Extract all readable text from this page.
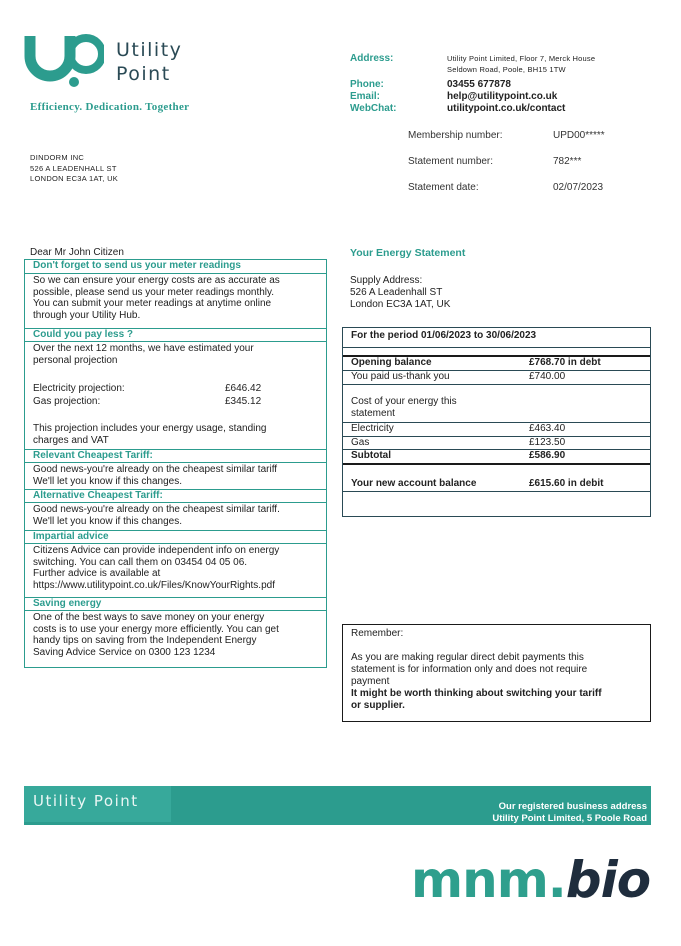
Utility
Point
Efficiency. Dedication. Together
Address:	Utility Point Limited, Floor 7, Merck House
Seldown Road, Poole, BH15 1TW
Phone:	03455 677878
Email:	help@utilitypoint.co.uk
WebChat:	utilitypoint.co.uk/contact
Membership number:	UPD00*****
Statement number:	782***
Statement date:	02/07/2023
DINDORM INC
526 A LEADENHALL ST
LONDON EC3A 1AT, UK
Dear Mr John Citizen
Don't forget to send us your meter readings
So we can ensure your energy costs are as accurate as
possible, please send us your meter readings monthly.
You can submit your meter readings at anytime online
through your Utility Hub.
Could you pay less ?
Over the next 12 months, we have estimated your
personal projection
Electricity projection:	£646.42
Gas projection:	£345.12
This projection includes your energy usage, standing
charges and VAT
Relevant Cheapest Tariff:
Good news-you're already on the cheapest similar tariff
We'll let you know if this changes.
Alternative Cheapest Tariff:
Good news-you're already on the cheapest similar tariff.
We'll let you know if this changes.
Impartial advice
Citizens Advice can provide independent info on energy
switching. You can call them on 03454 04 05 06.
Further advice is available at
https://www.utilitypoint.co.uk/Files/KnowYourRights.pdf
Saving energy
One of the best ways to save money on your energy
costs is to use your energy more efficiently. You can get
handy tips on saving from the Independent Energy
Saving Advice Service on 0300 123 1234
Your Energy Statement
Supply Address:
526 A Leadenhall ST
London EC3A 1AT, UK
For the period 01/06/2023 to 30/06/2023
Opening balance	£768.70 in debt
You paid us-thank you	£740.00
Cost of your energy this
statement
Electricity	£463.40
Gas	£123.50
Subtotal	£586.90
Your new account balance	£615.60 in debit
Remember:
As you are making regular direct debit payments this
statement is for information only and does not require
payment
It might be worth thinking about switching your tariff
or supplier.
Utility Point	Our registered business address
Utility Point Limited, 5 Poole Road
mnm.bio
